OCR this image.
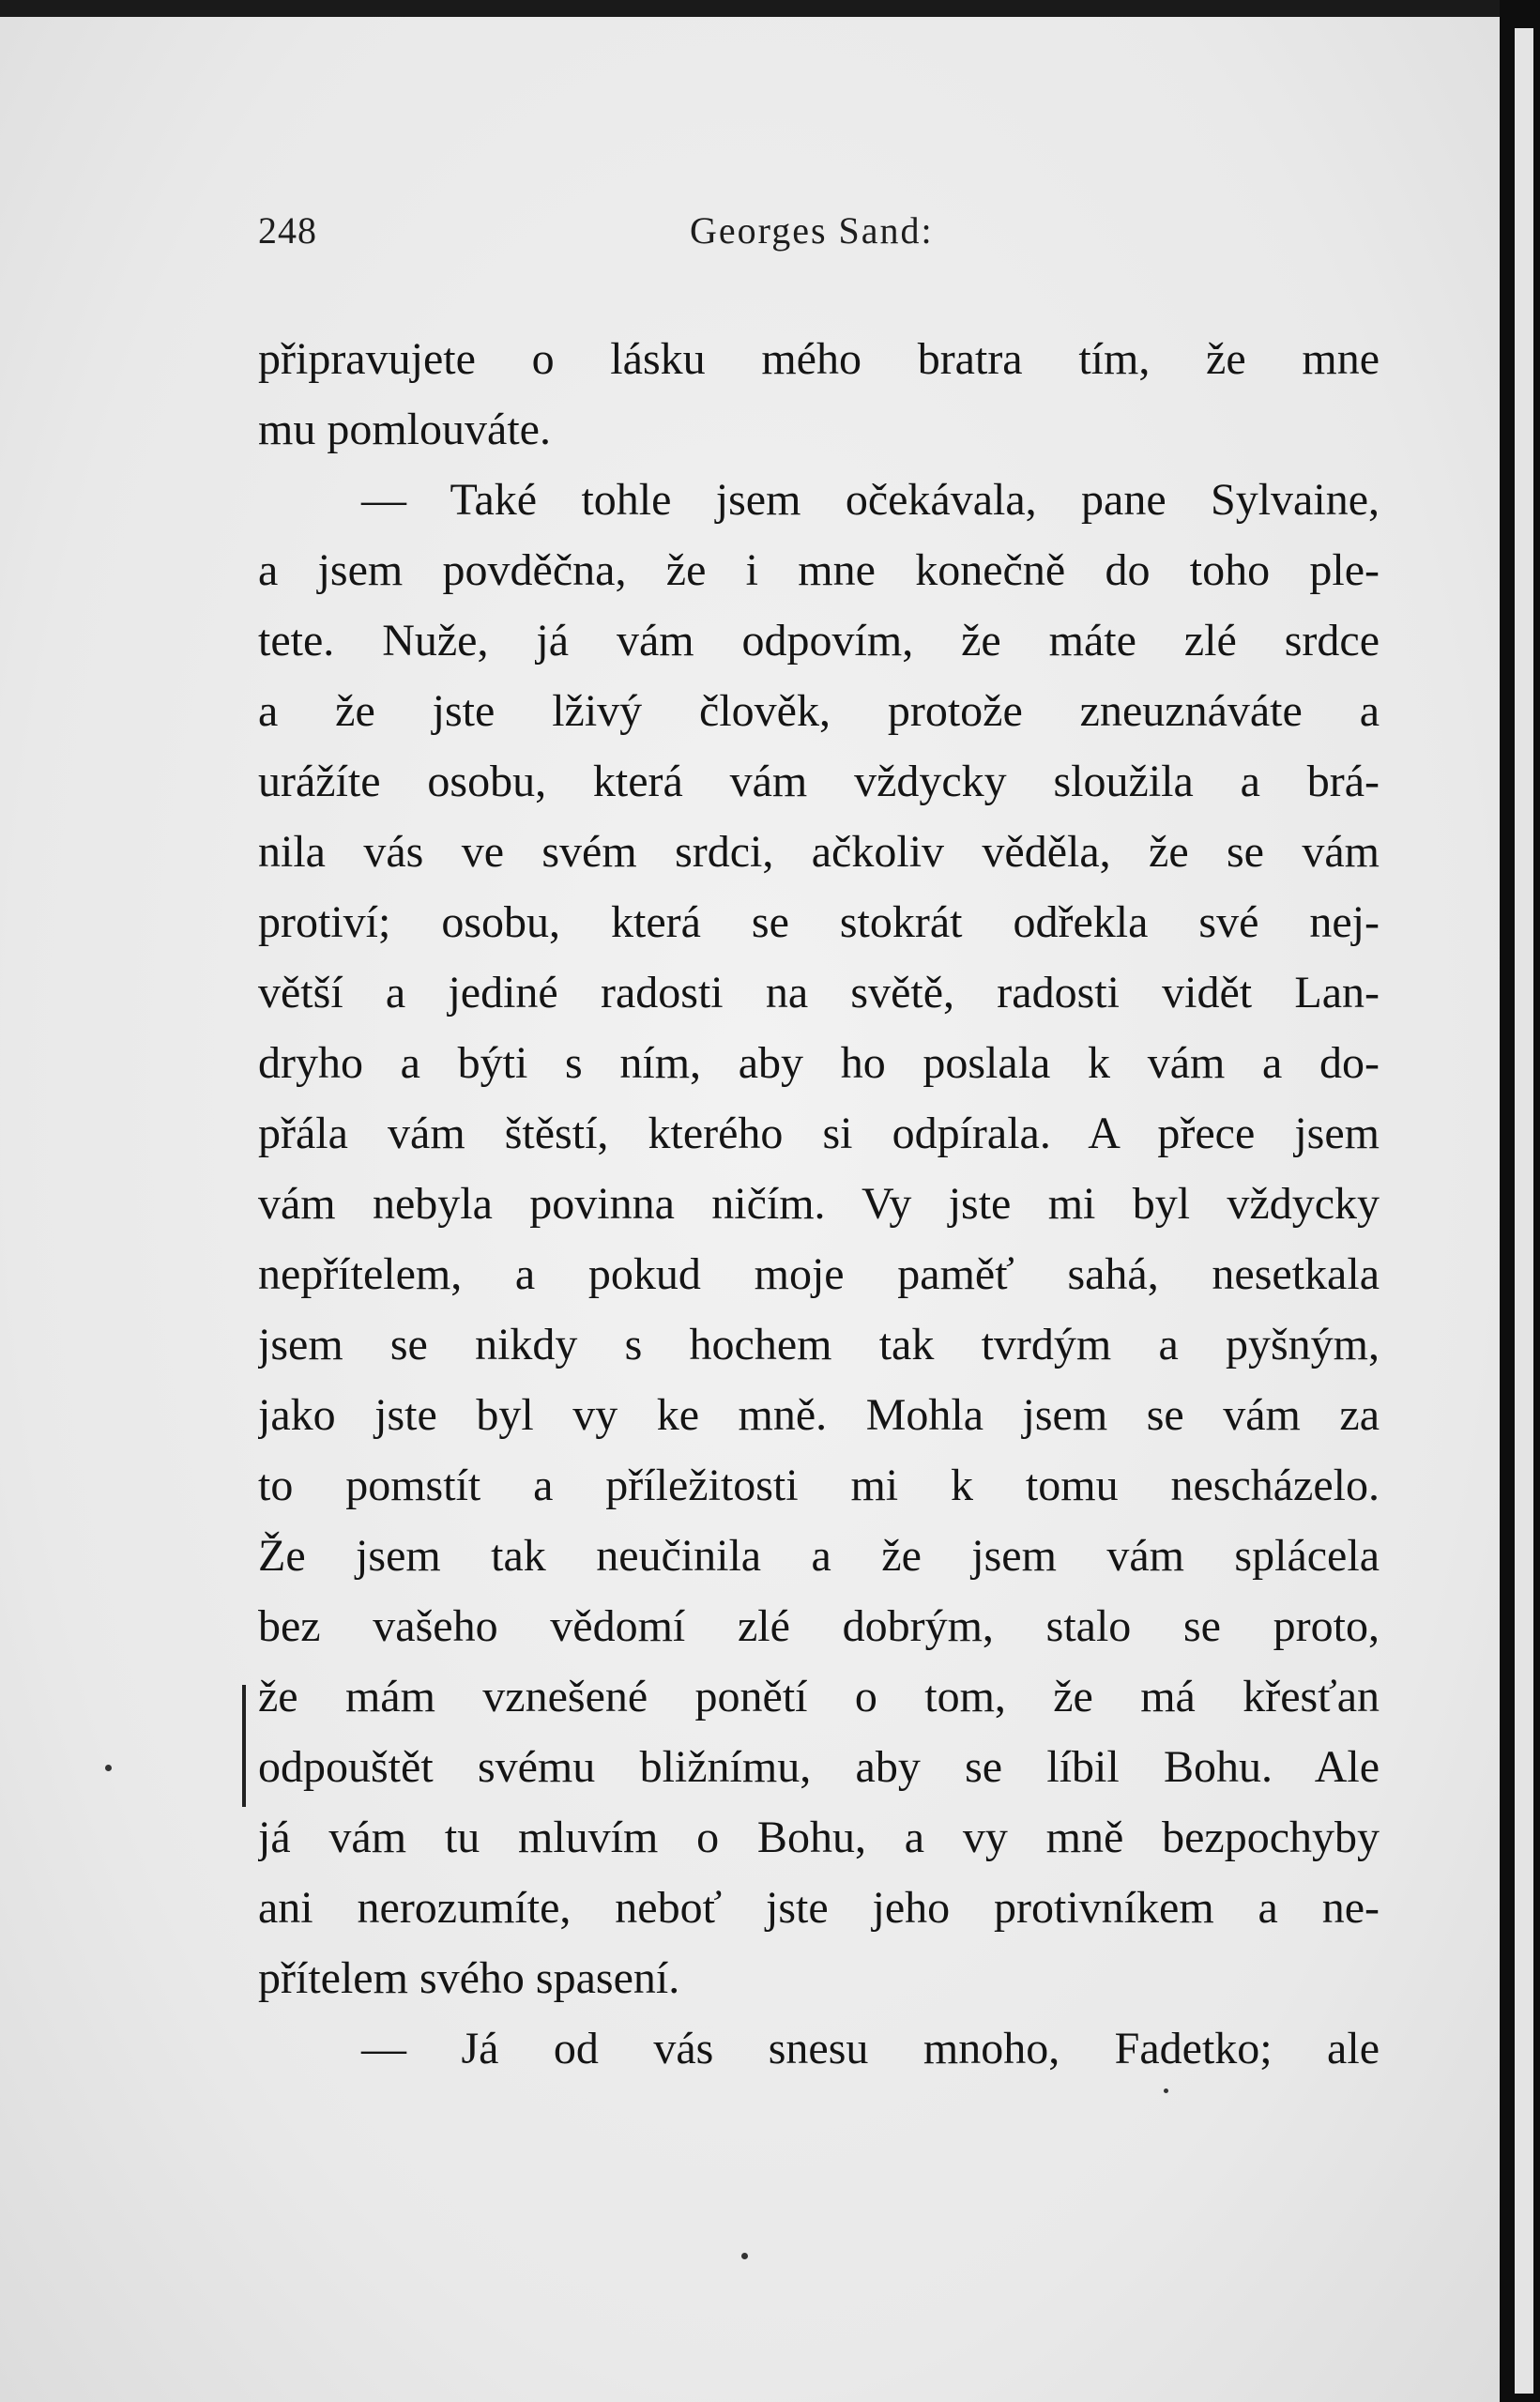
248	Georges Sand:
připravujete o lásku mého bratra tím, že mne
mu pomlouváte.
— Také tohle jsem očekávala, pane Sylvaine,
a jsem povděčna, že i mne konečně do toho ple-
tete. Nuže, já vám odpovím, že máte zlé srdce
a že jste lživý člověk, protože zneuznáváte a
urážíte osobu, která vám vždycky sloužila a brá-
nila vás ve svém srdci, ačkoliv věděla, že se vám
protiví; osobu, která se stokrát odřekla své nej-
větší a jediné radosti na světě, radosti vidět Lan-
dryho a býti s ním, aby ho poslala k vám a do-
přála vám štěstí, kterého si odpírala. A přece jsem
vám nebyla povinna ničím. Vy jste mi byl vždycky
nepřítelem, a pokud moje paměť sahá, nesetkala
jsem se nikdy s hochem tak tvrdým a pyšným,
jako jste byl vy ke mně. Mohla jsem se vám za
to pomstít a příležitosti mi k tomu nescházelo.
Že jsem tak neučinila a že jsem vám splácela
bez vašeho vědomí zlé dobrým, stalo se proto,
že mám vznešené ponětí o tom, že má křesťan
odpouštět svému bližnímu, aby se líbil Bohu. Ale
já vám tu mluvím o Bohu, a vy mně bezpochyby
ani nerozumíte, neboť jste jeho protivníkem a ne-
přítelem svého spasení.
— Já od vás snesu mnoho, Fadetko; ale
